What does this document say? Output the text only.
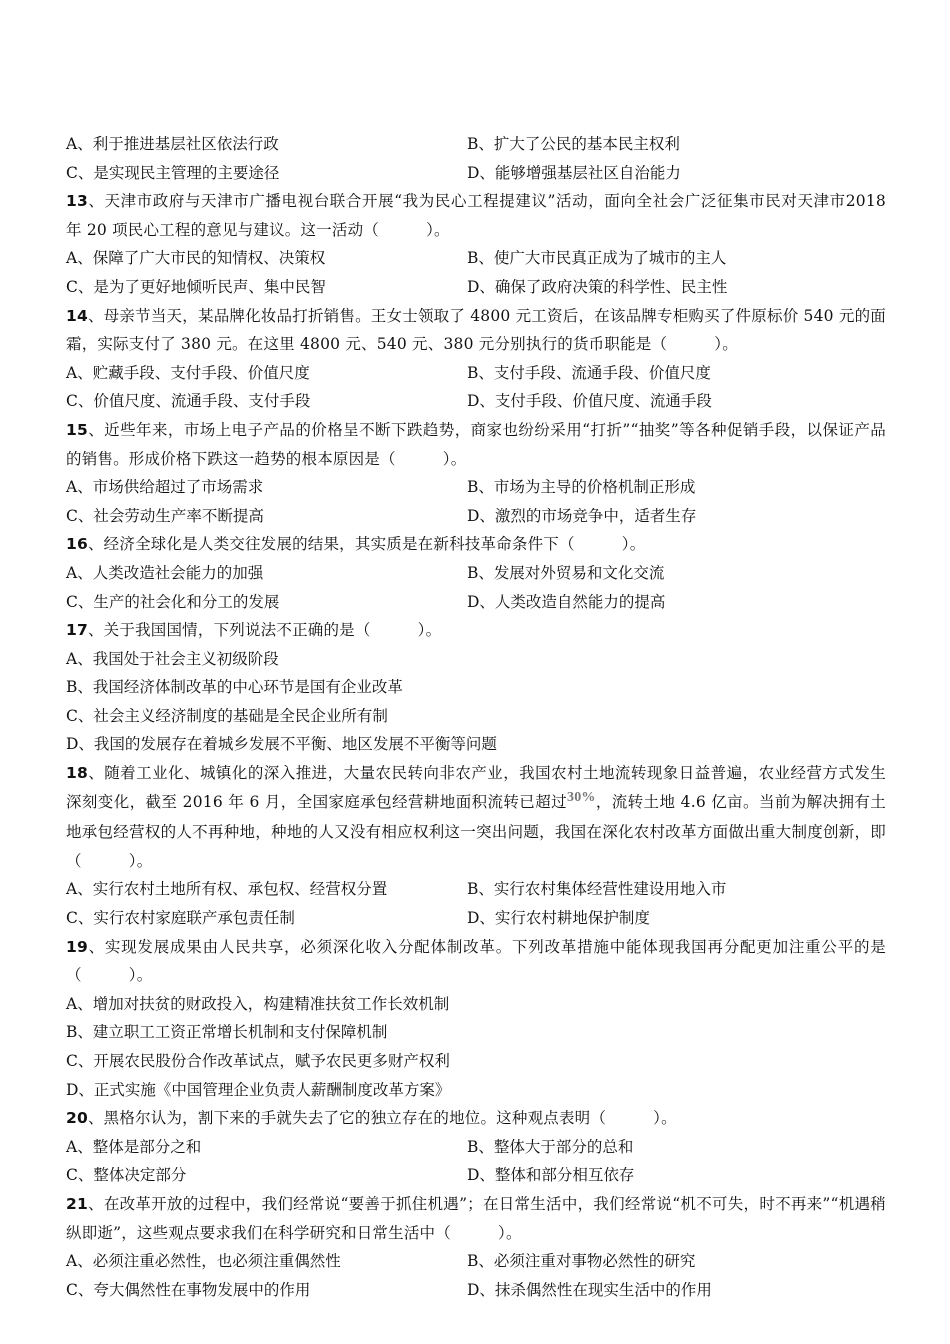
A、利于推进基层社区依法行政	B、扩大了公民的基本民主权利
C、是实现民主管理的主要途径	D、能够增强基层社区自治能力
13、天津市政府与天津市广播电视台联合开展“我为民心工程提建议”活动，面向全社会广泛征集市民对天津市2018 年 20 项民心工程的意见与建议。这一活动（　　　）。
A、保障了广大市民的知情权、决策权	B、使广大市民真正成为了城市的主人
C、是为了更好地倾听民声、集中民智	D、确保了政府决策的科学性、民主性
14、母亲节当天，某品牌化妆品打折销售。王女士领取了 4800 元工资后，在该品牌专柜购买了件原标价 540 元的面霜，实际支付了 380 元。在这里 4800 元、540 元、380 元分别执行的货币职能是（　　　）。
A、贮藏手段、支付手段、价值尺度	B、支付手段、流通手段、价值尺度
C、价值尺度、流通手段、支付手段	D、支付手段、价值尺度、流通手段
15、近些年来，市场上电子产品的价格呈不断下跌趋势，商家也纷纷采用“打折”“抽奖”等各种促销手段，以保证产品的销售。形成价格下跌这一趋势的根本原因是（　　　）。
A、市场供给超过了市场需求	B、市场为主导的价格机制正形成
C、社会劳动生产率不断提高	D、激烈的市场竞争中，适者生存
16、经济全球化是人类交往发展的结果，其实质是在新科技革命条件下（　　　）。
A、人类改造社会能力的加强	B、发展对外贸易和文化交流
C、生产的社会化和分工的发展	D、人类改造自然能力的提高
17、关于我国国情，下列说法不正确的是（　　　）。
A、我国处于社会主义初级阶段
B、我国经济体制改革的中心环节是国有企业改革
C、社会主义经济制度的基础是全民企业所有制
D、我国的发展存在着城乡发展不平衡、地区发展不平衡等问题
18、随着工业化、城镇化的深入推进，大量农民转向非农产业，我国农村土地流转现象日益普遍，农业经营方式发生深刻变化，截至 2016 年 6 月，全国家庭承包经营耕地面积流转已超过30%，流转土地 4.6 亿亩。当前为解决拥有土地承包经营权的人不再种地，种地的人又没有相应权利这一突出问题，我国在深化农村改革方面做出重大制度创新，即（　　　）。
A、实行农村土地所有权、承包权、经营权分置	B、实行农村集体经营性建设用地入市
C、实行农村家庭联产承包责任制	D、实行农村耕地保护制度
19、实现发展成果由人民共享，必须深化收入分配体制改革。下列改革措施中能体现我国再分配更加注重公平的是（　　　）。
A、增加对扶贫的财政投入，构建精准扶贫工作长效机制
B、建立职工工资正常增长机制和支付保障机制
C、开展农民股份合作改革试点，赋予农民更多财产权利
D、正式实施《中国管理企业负责人薪酬制度改革方案》
20、黑格尔认为，割下来的手就失去了它的独立存在的地位。这种观点表明（　　　）。
A、整体是部分之和	B、整体大于部分的总和
C、整体决定部分	D、整体和部分相互依存
21、在改革开放的过程中，我们经常说“要善于抓住机遇”；在日常生活中，我们经常说“机不可失，时不再来”“机遇稍纵即逝”，这些观点要求我们在科学研究和日常生活中（　　　）。
A、必须注重必然性，也必须注重偶然性	B、必须注重对事物必然性的研究
C、夸大偶然性在事物发展中的作用	D、抹杀偶然性在现实生活中的作用
